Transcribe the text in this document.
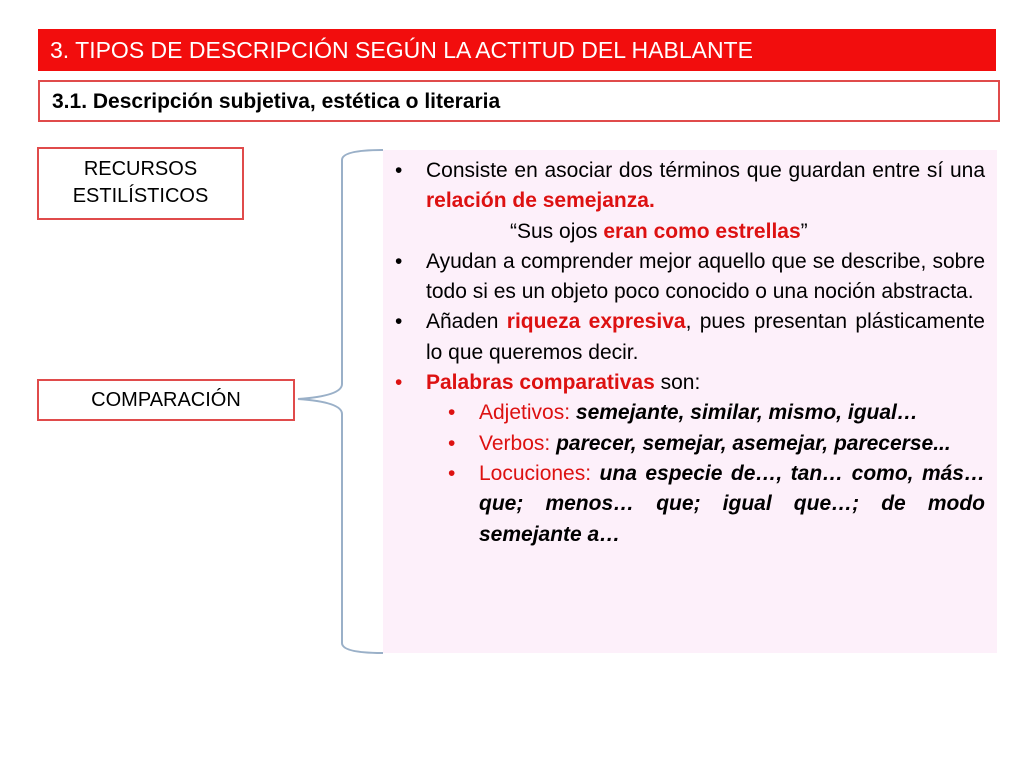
3. TIPOS DE DESCRIPCIÓN SEGÚN LA ACTITUD DEL HABLANTE
3.1. Descripción subjetiva, estética o literaria
RECURSOS
ESTILÍSTICOS
COMPARACIÓN
•	Consiste en asociar dos términos que guardan entre sí una relación de semejanza.
“Sus ojos eran como estrellas”
•	Ayudan a comprender mejor aquello que se describe, sobre todo si es un objeto poco conocido o una noción abstracta.
•	Añaden riqueza expresiva, pues presentan plásticamente lo que queremos decir.
•	Palabras comparativas son:
•	Adjetivos: semejante, similar, mismo, igual…
•	Verbos: parecer, semejar, asemejar, parecerse...
•	Locuciones: una especie de…, tan… como, más… que; menos… que; igual que…; de modo semejante a…
